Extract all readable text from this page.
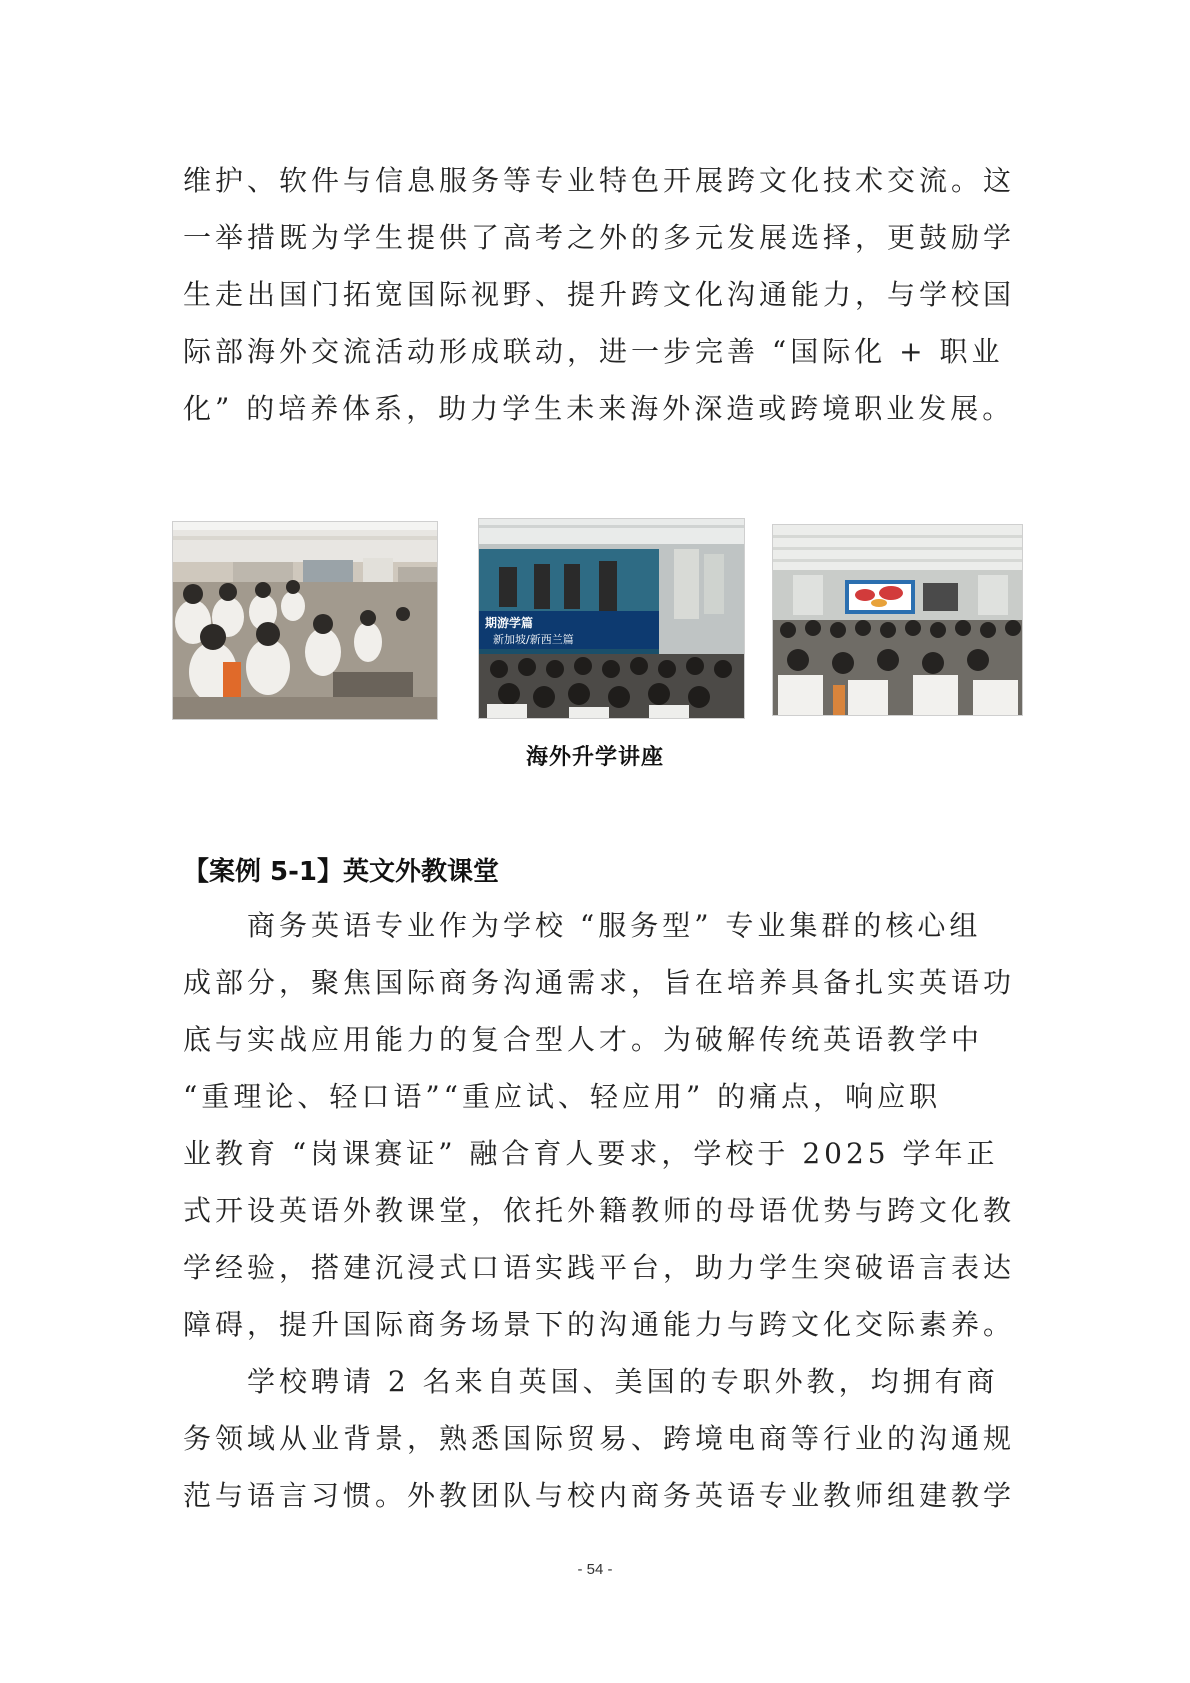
维护、软件与信息服务等专业特色开展跨文化技术交流。这
一举措既为学生提供了高考之外的多元发展选择，更鼓励学
生走出国门拓宽国际视野、提升跨文化沟通能力，与学校国
际部海外交流活动形成联动，进一步完善 “国际化 + 职业
化” 的培养体系，助力学生未来海外深造或跨境职业发展。
期游学篇
新加坡/新西兰篇
海外升学讲座
【案例 5-1】英文外教课堂
商务英语专业作为学校 “服务型” 专业集群的核心组
成部分，聚焦国际商务沟通需求，旨在培养具备扎实英语功
底与实战应用能力的复合型人才。为破解传统英语教学中
“重理论、轻口语”“重应试、轻应用” 的痛点，响应职
业教育 “岗课赛证” 融合育人要求，学校于 2025 学年正
式开设英语外教课堂，依托外籍教师的母语优势与跨文化教
学经验，搭建沉浸式口语实践平台，助力学生突破语言表达
障碍，提升国际商务场景下的沟通能力与跨文化交际素养。
学校聘请 2 名来自英国、美国的专职外教，均拥有商
务领域从业背景，熟悉国际贸易、跨境电商等行业的沟通规
范与语言习惯。外教团队与校内商务英语专业教师组建教学
- 54 -
